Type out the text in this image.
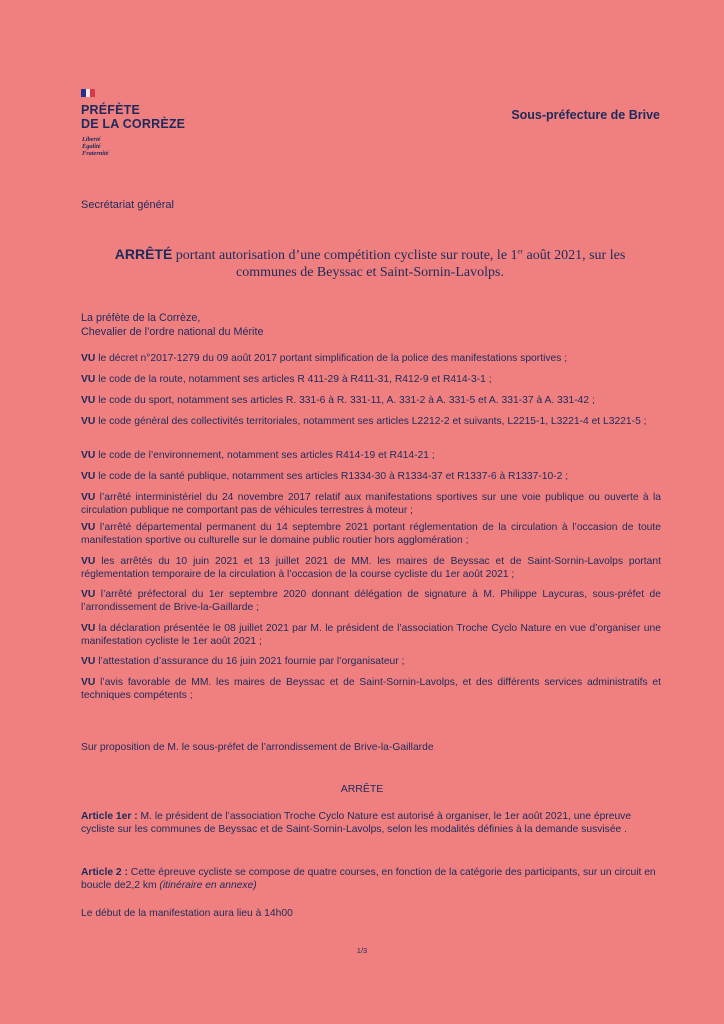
PRÉFÈTE
DE LA CORRÈZE
Liberté
Égalité
Fraternité
Sous-préfecture de Brive
Secrétariat général
ARRÊTÉ portant autorisation d’une compétition cycliste sur route, le 1er août 2021, sur les
communes de Beyssac et Saint-Sornin-Lavolps.
La préfète de la Corrèze,
Chevalier de l’ordre national du Mérite
VU le décret n°2017-1279 du 09 août 2017 portant simplification de la police des manifestations sportives ;
VU le code de la route, notamment ses articles R 411-29 à R411-31, R412-9 et R414-3-1 ;
VU le code du sport, notamment ses articles R. 331-6 à R. 331-11, A. 331-2 à A. 331-5 et A. 331-37 à A. 331-42 ;
VU le code général des collectivités territoriales, notamment ses articles L2212-2 et suivants, L2215-1, L3221-4 et L3221-5 ;
VU le code de l’environnement, notamment ses articles R414-19 et R414-21 ;
VU le code de la santé publique, notamment ses articles R1334-30 à R1334-37 et R1337-6 à R1337-10-2 ;
VU l’arrêté interministériel du 24 novembre 2017 relatif aux manifestations sportives sur une voie publique ou ouverte à la circulation publique ne comportant pas de véhicules terrestres à moteur ;
VU l’arrêté départemental permanent du 14 septembre 2021 portant réglementation de la circulation à l’occasion de toute manifestation sportive ou culturelle sur le domaine public routier hors agglomération ;
VU les arrêtés du 10 juin 2021 et 13 juillet 2021 de MM. les maires de Beyssac et de Saint-Sornin-Lavolps portant réglementation temporaire de la circulation à l’occasion de la course cycliste du 1er août 2021 ;
VU l’arrêté préfectoral du 1er septembre 2020 donnant délégation de signature à M. Philippe Laycuras, sous-préfet de l’arrondissement de Brive-la-Gaillarde ;
VU la déclaration présentée le 08 juillet 2021 par M. le président de l’association Troche Cyclo Nature en vue d’organiser une manifestation cycliste le 1er août 2021 ;
VU l’attestation d’assurance du 16 juin 2021 fournie par l’organisateur ;
VU l’avis favorable de MM. les maires de Beyssac et de Saint-Sornin-Lavolps, et des différents services administratifs et techniques compétents ;
Sur proposition de M. le sous-préfet de l’arrondissement de Brive-la-Gaillarde
ARRÊTE
Article 1er : M. le président de l’association Troche Cyclo Nature est autorisé à organiser, le 1er août 2021, une épreuve cycliste sur les communes de Beyssac et de Saint-Sornin-Lavolps, selon les modalités définies à la demande susvisée .
Article 2 : Cette épreuve cycliste se compose de quatre courses, en fonction de la catégorie des participants, sur un circuit en boucle de2,2 km (itinéraire en annexe)
Le début de la manifestation aura lieu à 14h00
1/3
